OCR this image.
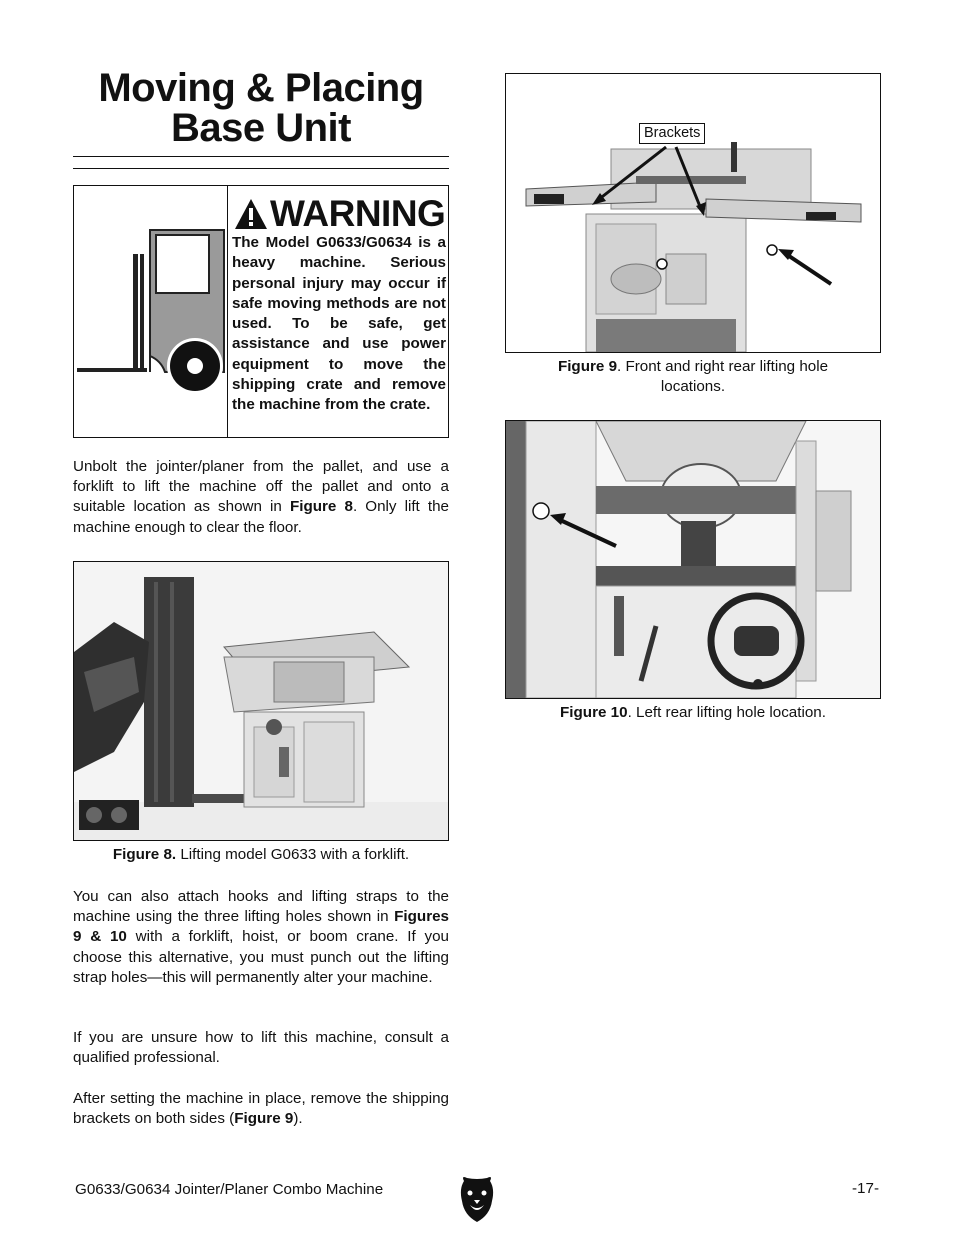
Moving & Placing
Base Unit
WARNING
The Model G0633/G0634 is a heavy machine. Serious personal injury may occur if safe moving methods are not used. To be safe, get assistance and use power equipment to move the shipping crate and remove the machine from the crate.
Unbolt the jointer/planer from the pallet, and use a forklift to lift the machine off the pallet and onto a suitable location as shown in Figure 8. Only lift the machine enough to clear the floor.
Figure 8. Lifting model G0633 with a forklift.
You can also attach hooks and lifting straps to the machine using the three lifting holes shown in Figures 9 & 10 with a forklift, hoist, or boom crane. If you choose this alternative, you must punch out the lifting strap holes—this will permanently alter your machine.
If you are unsure how to lift this machine, consult a qualified professional.
After setting the machine in place, remove the shipping brackets on both sides (Figure 9).
Brackets
Figure 9. Front and right rear lifting hole
locations.
Figure 10. Left rear lifting hole location.
G0633/G0634 Jointer/Planer Combo Machine	-17-
